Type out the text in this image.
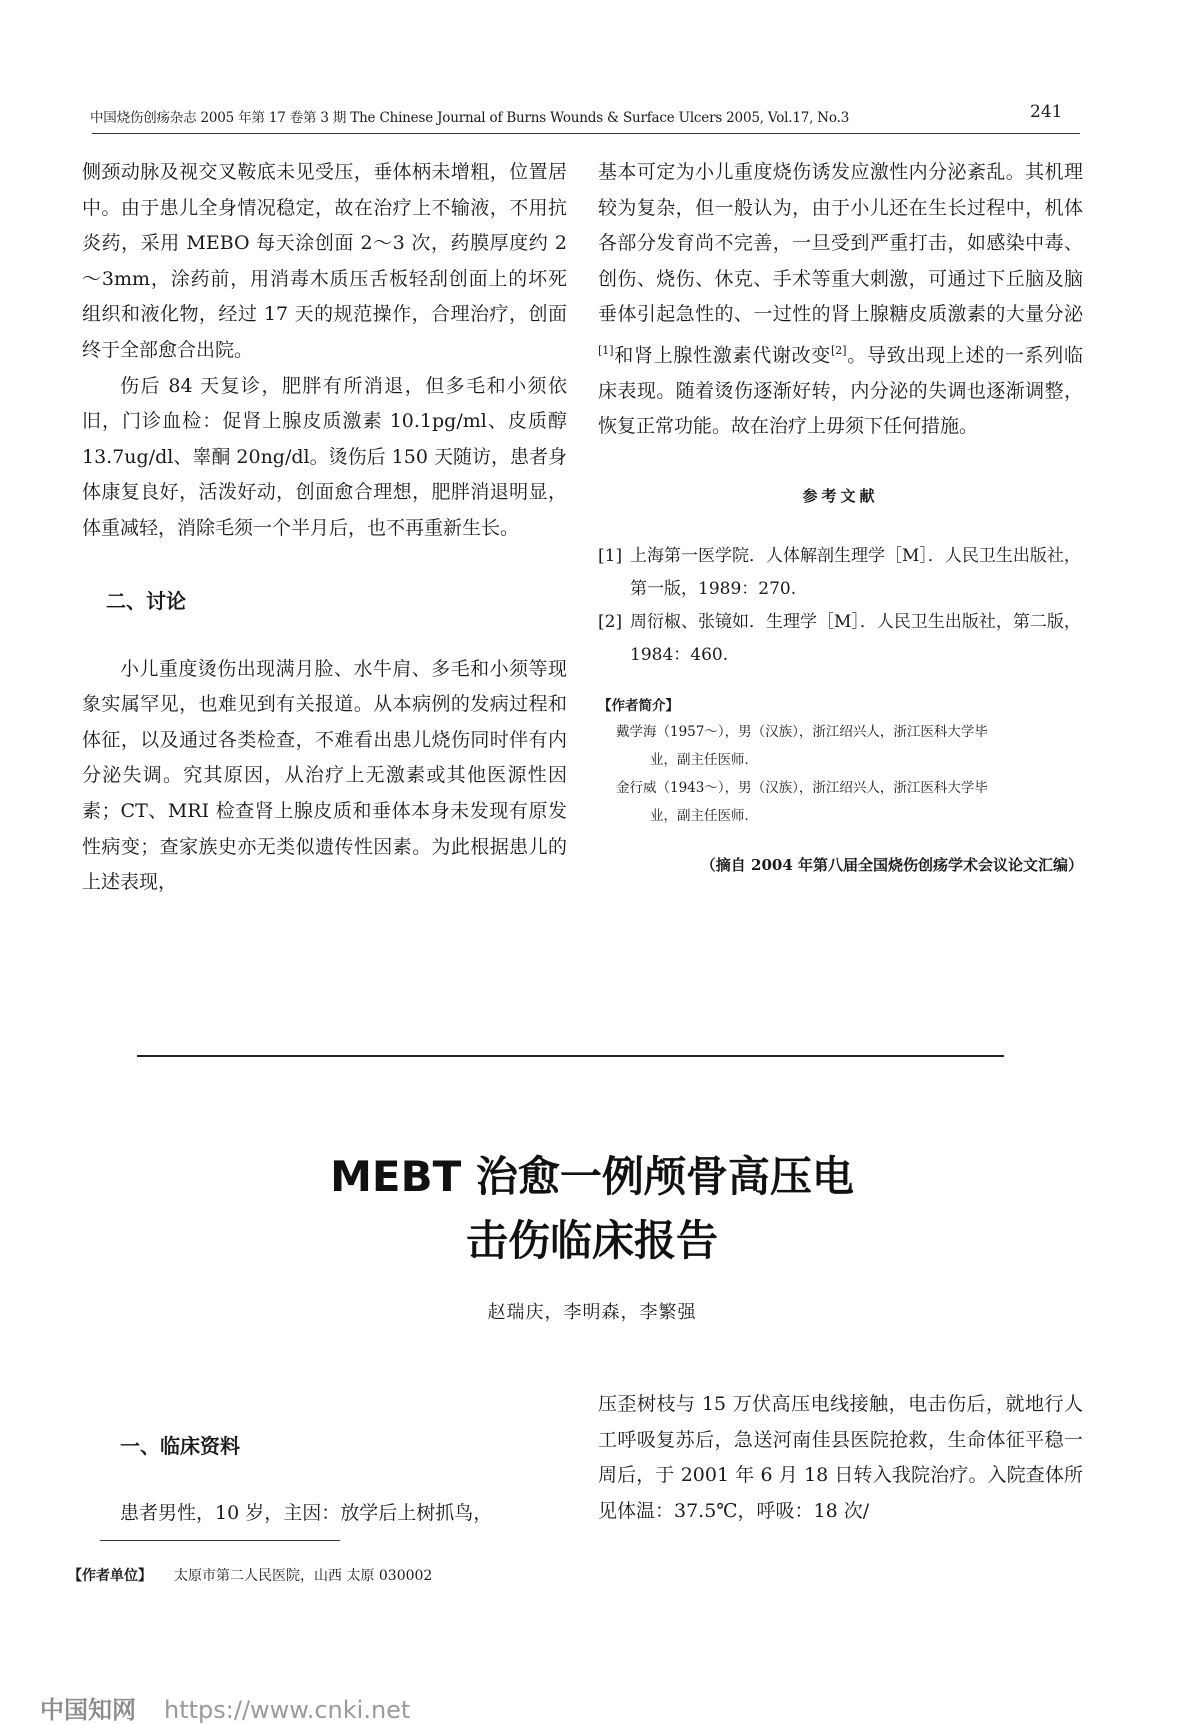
中国烧伤创疡杂志 2005 年第 17 卷第 3 期 The Chinese Journal of Burns Wounds & Surface Ulcers 2005, Vol.17, No.3	241

侧颈动脉及视交叉鞍底未见受压，垂体柄未增粗，位置居中。由于患儿全身情况稳定，故在治疗上不输液，不用抗炎药，采用 MEBO 每天涂创面 2～3 次，药膜厚度约 2～3mm，涂药前，用消毒木质压舌板轻刮创面上的坏死组织和液化物，经过 17 天的规范操作，合理治疗，创面终于全部愈合出院。

伤后 84 天复诊，肥胖有所消退，但多毛和小须依旧，门诊血检：促肾上腺皮质激素 10.1pg/ml、皮质醇 13.7ug/dl、睾酮 20ng/dl。烫伤后 150 天随访，患者身体康复良好，活泼好动，创面愈合理想，肥胖消退明显，体重减轻，消除毛须一个半月后，也不再重新生长。

二、讨论

小儿重度烫伤出现满月脸、水牛肩、多毛和小须等现象实属罕见，也难见到有关报道。从本病例的发病过程和体征，以及通过各类检查，不难看出患儿烧伤同时伴有内分泌失调。究其原因，从治疗上无激素或其他医源性因素；CT、MRI 检查肾上腺皮质和垂体本身未发现有原发性病变；查家族史亦无类似遗传性因素。为此根据患儿的上述表现，

基本可定为小儿重度烧伤诱发应激性内分泌紊乱。其机理较为复杂，但一般认为，由于小儿还在生长过程中，机体各部分发育尚不完善，一旦受到严重打击，如感染中毒、创伤、烧伤、休克、手术等重大刺激，可通过下丘脑及脑垂体引起急性的、一过性的肾上腺糖皮质激素的大量分泌[1]和肾上腺性激素代谢改变[2]。导致出现上述的一系列临床表现。随着烫伤逐渐好转，内分泌的失调也逐渐调整，恢复正常功能。故在治疗上毋须下任何措施。

参考文献
[1] 上海第一医学院．人体解剖生理学［M］．人民卫生出版社，第一版，1989：270.
[2] 周衍椒、张镜如．生理学［M］．人民卫生出版社，第二版，1984：460.
【作者简介】
戴学海（1957～），男（汉族），浙江绍兴人，浙江医科大学毕
业，副主任医师．
金行威（1943～），男（汉族），浙江绍兴人，浙江医科大学毕
业，副主任医师．
（摘自 2004 年第八届全国烧伤创疡学术会议论文汇编）
MEBT 治愈一例颅骨高压电
击伤临床报告
赵瑞庆，李明森，李繁强
一、临床资料
患者男性，10 岁，主因：放学后上树抓鸟，
压歪树枝与 15 万伏高压电线接触，电击伤后，就地行人工呼吸复苏后，急送河南佳县医院抢救，生命体征平稳一周后，于 2001 年 6 月 18 日转入我院治疗。入院查体所见体温：37.5℃，呼吸：18 次/
【作者单位】 太原市第二人民医院，山西 太原 030002
中国知网 https://www.cnki.net
